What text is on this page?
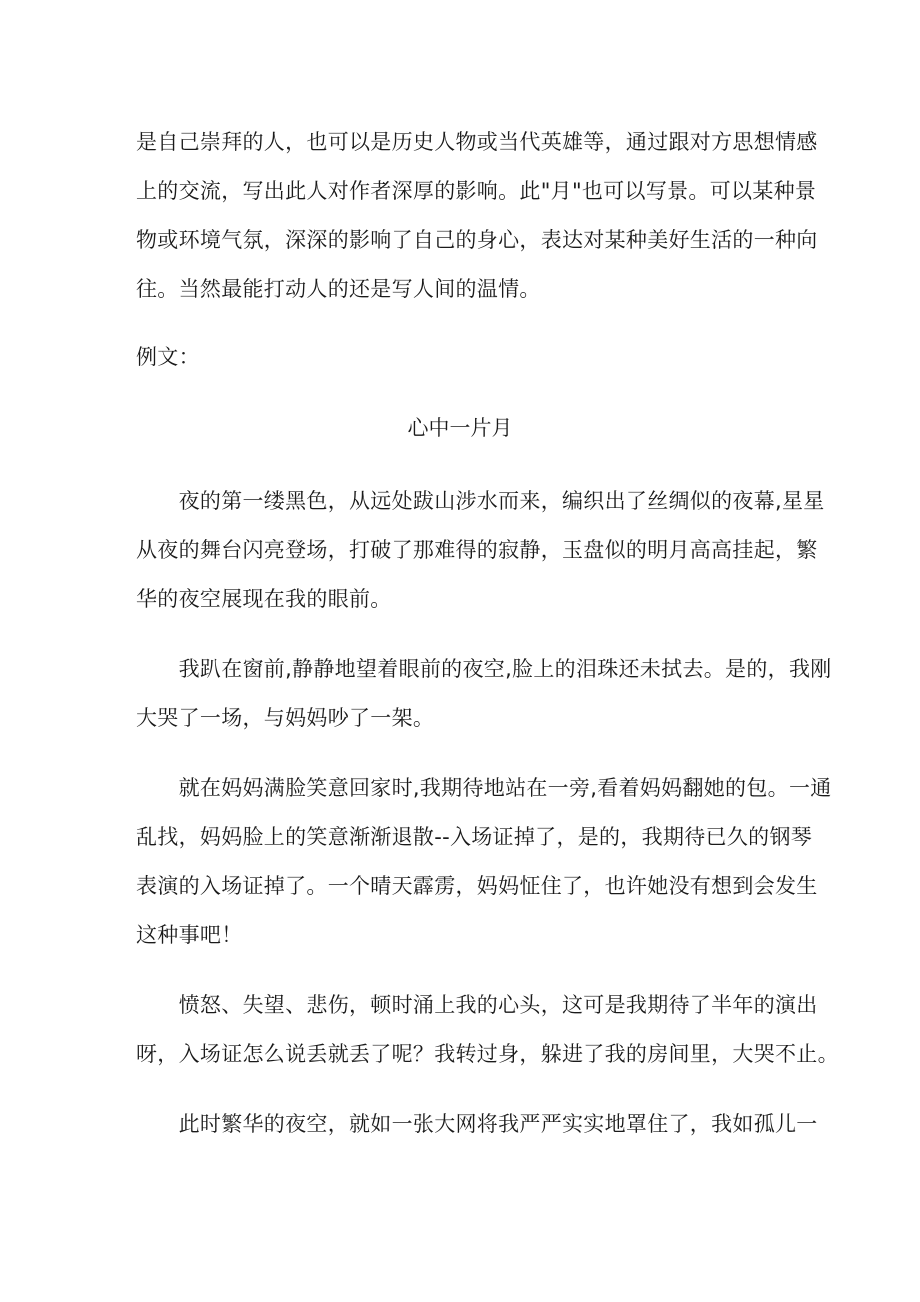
是自己崇拜的人，也可以是历史人物或当代英雄等，通过跟对方思想情感
上的交流，写出此人对作者深厚的影响。此"月"也可以写景。可以某种景
物或环境气氛，深深的影响了自己的身心，表达对某种美好生活的一种向
往。当然最能打动人的还是写人间的温情。
例文：
心中一片月
　　夜的第一缕黑色，从远处跋山涉水而来，编织出了丝绸似的夜幕,星星
从夜的舞台闪亮登场，打破了那难得的寂静，玉盘似的明月高高挂起，繁
华的夜空展现在我的眼前。
　　我趴在窗前,静静地望着眼前的夜空,脸上的泪珠还未拭去。是的，我刚
大哭了一场，与妈妈吵了一架。
　　就在妈妈满脸笑意回家时,我期待地站在一旁,看着妈妈翻她的包。一通
乱找，妈妈脸上的笑意渐渐退散--入场证掉了，是的，我期待已久的钢琴
表演的入场证掉了。一个晴天霹雳，妈妈怔住了，也许她没有想到会发生
这种事吧！
　　愤怒、失望、悲伤，顿时涌上我的心头，这可是我期待了半年的演出
呀，入场证怎么说丢就丢了呢？我转过身，躲进了我的房间里，大哭不止。
　　此时繁华的夜空，就如一张大网将我严严实实地罩住了，我如孤儿一
